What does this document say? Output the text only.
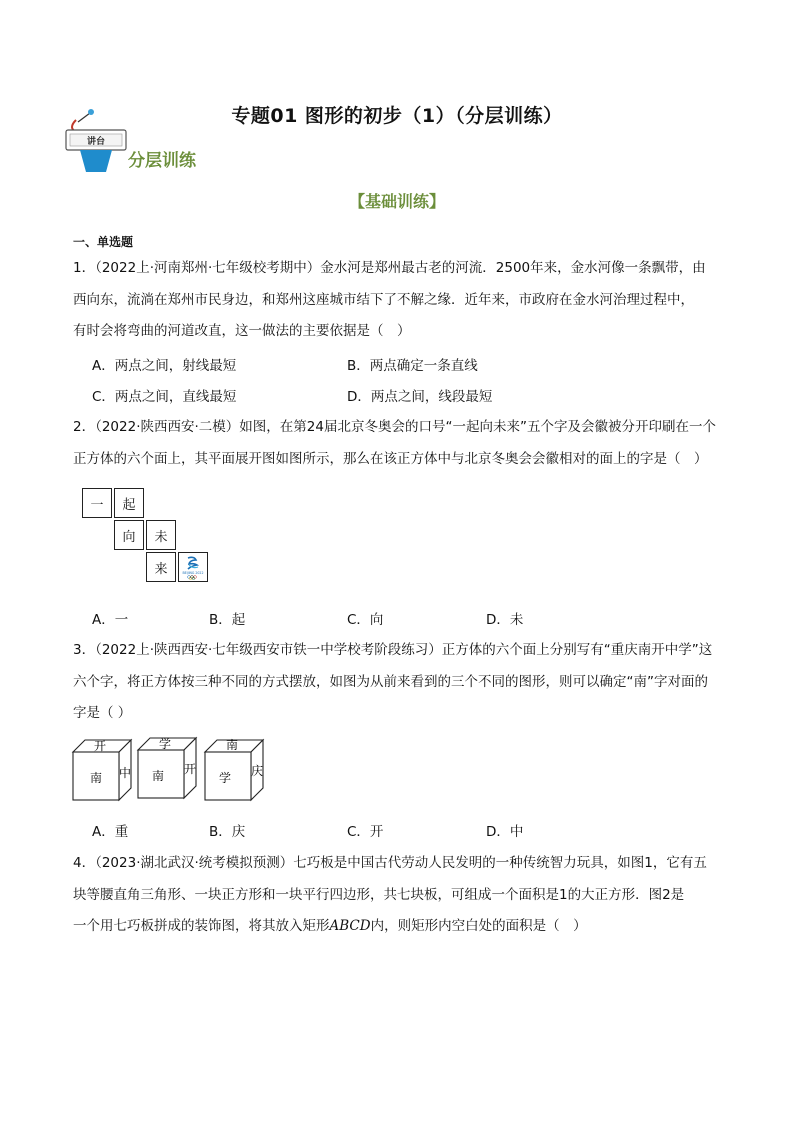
专题01 图形的初步（1）（分层训练）
讲台
分层训练
【基础训练】
一、单选题
1．（2022上·河南郑州·七年级校考期中）金水河是郑州最古老的河流．2500年来，金水河像一条飘带，由
西向东，流淌在郑州市民身边，和郑州这座城市结下了不解之缘．近年来，市政府在金水河治理过程中，
有时会将弯曲的河道改直，这一做法的主要依据是（　）
A．两点之间，射线最短	B．两点确定一条直线
C．两点之间，直线最短	D．两点之间，线段最短
2．（2022·陕西西安·二模）如图，在第24届北京冬奥会的口号“一起向未来”五个字及会徽被分开印刷在一个
正方体的六个面上，其平面展开图如图所示，那么在该正方体中与北京冬奥会会徽相对的面上的字是（　）
一	起
向	未
来	BEIJING 2022
A．一	B．起	C．向	D．未
3．（2022上·陕西西安·七年级西安市铁一中学校考阶段练习）正方体的六个面上分别写有“重庆南开中学”这
六个字，将正方体按三种不同的方式摆放，如图为从前来看到的三个不同的图形，则可以确定“南”字对面的
字是（ ）
开
南 中
学
南 开
南
学 庆
A．重	B．庆	C．开	D．中
4．（2023·湖北武汉·统考模拟预测）七巧板是中国古代劳动人民发明的一种传统智力玩具，如图1，它有五
块等腰直角三角形、一块正方形和一块平行四边形，共七块板，可组成一个面积是1的大正方形．图2是
一个用七巧板拼成的装饰图，将其放入矩形ABCD内，则矩形内空白处的面积是（　）
